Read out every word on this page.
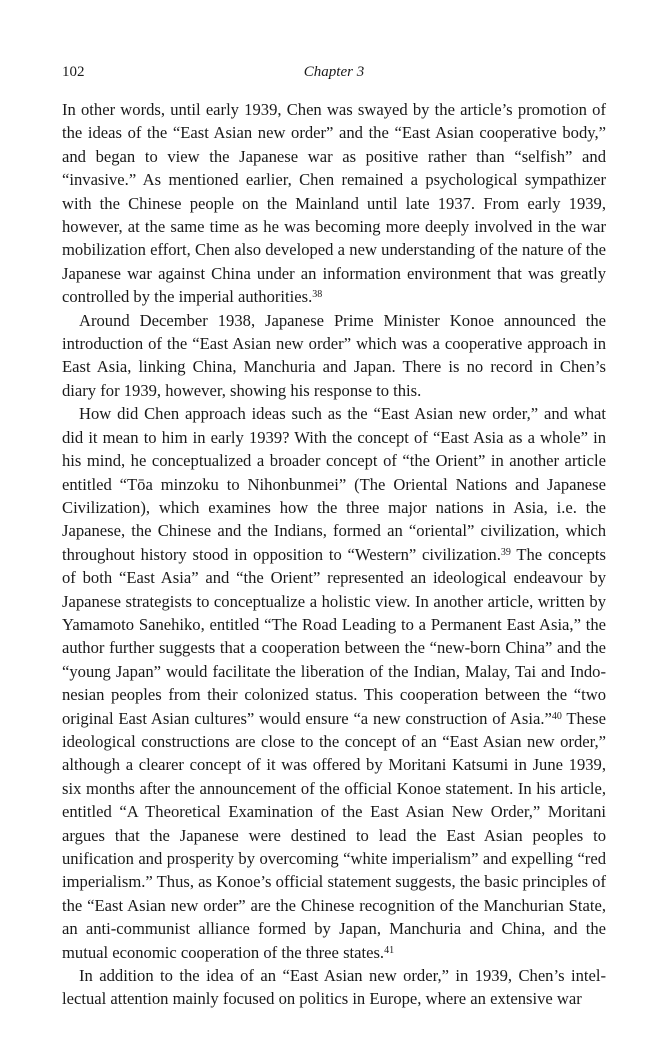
102	Chapter 3

In other words, until early 1939, Chen was swayed by the article’s promotion of the ideas of the “East Asian new order” and the “East Asian cooperative body,” and began to view the Japanese war as positive rather than “selfish” and “invasive.” As mentioned earlier, Chen remained a psychological sympathizer with the Chinese people on the Mainland until late 1937. From early 1939, however, at the same time as he was becoming more deeply involved in the war mobilization effort, Chen also developed a new understanding of the nature of the Japanese war against China under an information environment that was greatly controlled by the imperial authorities.$^{38}$

Around December 1938, Japanese Prime Minister Konoe announced the introduction of the “East Asian new order” which was a cooperative approach in East Asia, linking China, Manchuria and Japan. There is no record in Chen’s diary for 1939, however, showing his response to this.

How did Chen approach ideas such as the “East Asian new order,” and what did it mean to him in early 1939? With the concept of “East Asia as a whole” in his mind, he conceptualized a broader concept of “the Orient” in another article entitled “Tōa minzoku to Nihonbunmei” (The Oriental Nations and Japanese Civilization), which examines how the three major nations in Asia, i.e. the Japanese, the Chinese and the Indians, formed an “oriental” civilization, which throughout history stood in opposition to “Western” civilization.$^{39}$ The concepts of both “East Asia” and “the Orient” represented an ideological endeavour by Japanese strategists to conceptualize a holistic view. In another article, written by Yamamoto Sanehiko, entitled “The Road Leading to a Permanent East Asia,” the author further suggests that a cooperation between the “new-born China” and the “young Japan” would facilitate the liberation of the Indian, Malay, Tai and Indonesian peoples from their colonized status. This cooperation between the “two original East Asian cultures” would ensure “a new construction of Asia.”$^{40}$ These ideological constructions are close to the concept of an “East Asian new order,” although a clearer concept of it was offered by Moritani Katsumi in June 1939, six months after the announcement of the official Konoe statement. In his article, entitled “A Theoretical Examination of the East Asian New Order,” Moritani argues that the Japanese were destined to lead the East Asian peoples to unification and prosperity by overcoming “white imperialism” and expelling “red imperialism.” Thus, as Konoe’s official statement suggests, the basic principles of the “East Asian new order” are the Chinese recognition of the Manchurian State, an anti-communist alliance formed by Japan, Manchuria and China, and the mutual economic cooperation of the three states.$^{41}$

In addition to the idea of an “East Asian new order,” in 1939, Chen’s intellectual attention mainly focused on politics in Europe, where an extensive war
